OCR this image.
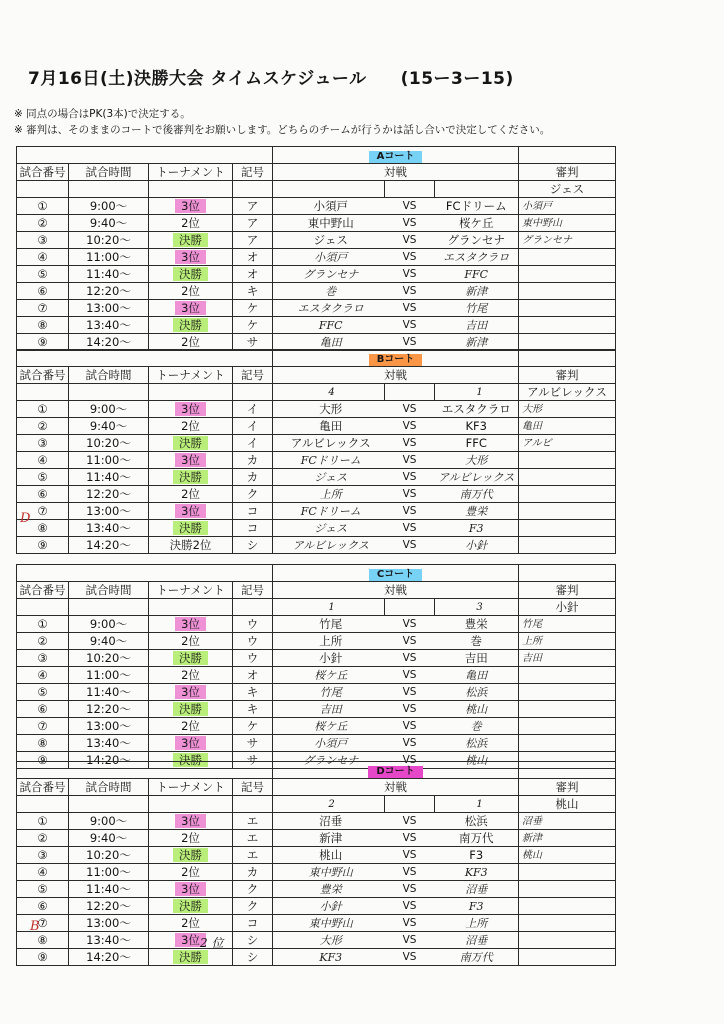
7月16日(土)決勝大会 タイムスケジュール (15ー3ー15)
※ 同点の場合はPK(3本)で決定する。
※ 審判は、そのままのコートで後審判をお願いします。どちらのチームが行うかは話し合いで決定してください。
				Aコート			
試合番号	試合時間	トーナメント	記号	対戦			審判
							ジェス
①	9:00～	3位	ア	小須戸	VS	FCドリーム	小須戸
②	9:40～	2位	ア	東中野山	VS	桜ケ丘	東中野山
③	10:20～	決勝	ア	ジェス	VS	グランセナ	グランセナ
④	11:00～	3位	オ	小須戸	VS	エスタクラロ	
⑤	11:40～	決勝	オ	グランセナ	VS	FFC	
⑥	12:20～	2位	キ	巻	VS	新津	
⑦	13:00～	3位	ケ	エスタクラロ	VS	竹尾	
⑧	13:40～	決勝	ケ	FFC	VS	吉田	
⑨	14:20～	2位	サ	亀田	VS	新津	
				Bコート			
試合番号	試合時間	トーナメント	記号	対戦			審判
				4		1	アルビレックス
①	9:00～	3位	イ	大形	VS	エスタクラロ	大形
②	9:40～	2位	イ	亀田	VS	KF3	亀田
③	10:20～	決勝	イ	アルビレックス	VS	FFC	アルビ
④	11:00～	3位	カ	FCドリーム	VS	大形	
⑤	11:40～	決勝	カ	ジェス	VS	アルビレックス	
⑥	12:20～	2位	ク	上所	VS	南万代	
⑦	13:00～	3位	コ	FCドリーム	VS	豊栄	
⑧	13:40～	決勝	コ	ジェス	VS	F3	
⑨	14:20～	決勝2位	シ	アルビレックス	VS	小針	
				Cコート			
試合番号	試合時間	トーナメント	記号	対戦			審判
				1		3	小針
①	9:00～	3位	ウ	竹尾	VS	豊栄	竹尾
②	9:40～	2位	ウ	上所	VS	巻	上所
③	10:20～	決勝	ウ	小針	VS	吉田	吉田
④	11:00～	2位	オ	桜ケ丘	VS	亀田	
⑤	11:40～	3位	キ	竹尾	VS	松浜	
⑥	12:20～	決勝	キ	吉田	VS	桃山	
⑦	13:00～	2位	ケ	桜ケ丘	VS	巻	
⑧	13:40～	3位	サ	小須戸	VS	松浜	
⑨	14:20～	決勝	サ	グランセナ	VS	桃山	
				Dコート			
試合番号	試合時間	トーナメント	記号	対戦			審判
				2		1	桃山
①	9:00～	3位	エ	沼垂	VS	松浜	沼垂
②	9:40～	2位	エ	新津	VS	南万代	新津
③	10:20～	決勝	エ	桃山	VS	F3	桃山
④	11:00～	2位	カ	東中野山	VS	KF3	
⑤	11:40～	3位	ク	豊栄	VS	沼垂	
⑥	12:20～	決勝	ク	小針	VS	F3	
⑦	13:00～	2位	コ	東中野山	VS	上所	
⑧	13:40～	3位	シ	大形	VS	沼垂	
⑨	14:20～	決勝	シ	KF3	VS	南万代	
D
B
2 位
